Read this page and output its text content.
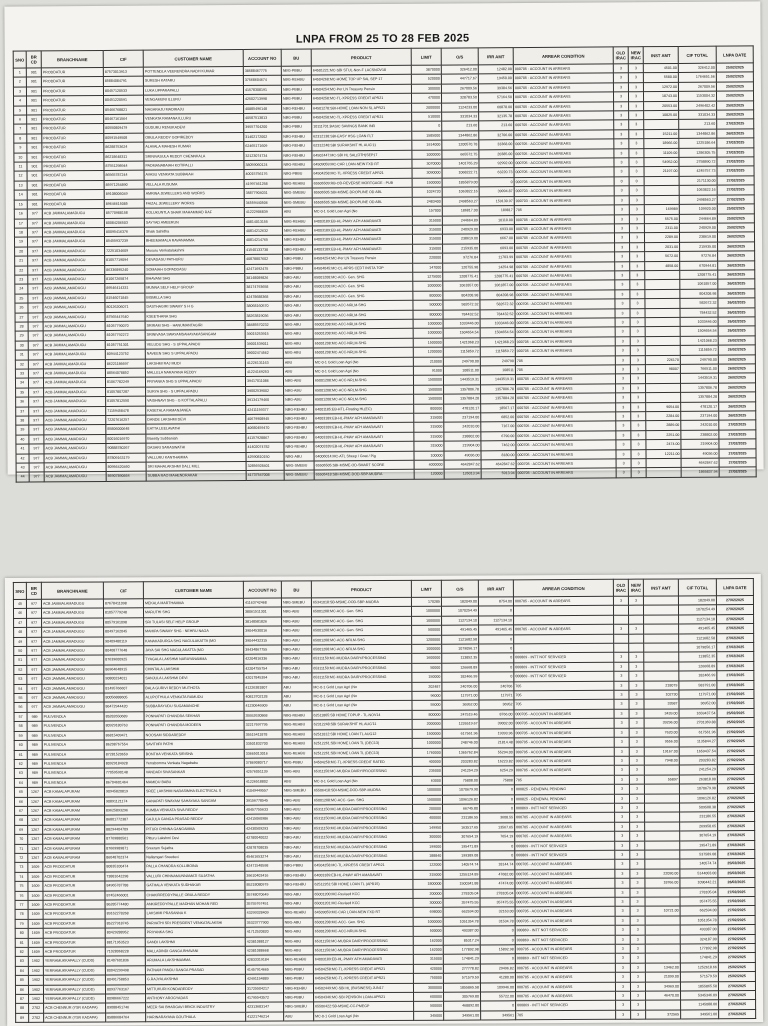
LNPA FROM 25 TO 28 FEB 2025
SNO	BR CD	BRANCHNAME	CIF	CUSTOMER NAME	ACCOUNT NO	BU	PRODUCT	LIMIT	O/S	IRR AMT	ARREAR CONDITION	OLD IRAC	NEW IRAC	INST AMT	CIF TOTAL	LNPA DATE
1	901	PRODDATUR	87573013913	POTTENDLA VEERENDRA NADH KUMAR	38588467775	NBG-PBBU	64501221:MC-SBI STUL-Non-F LACSNOV18	3870000	326412.00	12482.00	000705 - ACCOUNT IN ARREARS	3	3	4501.00	326412.00	25/02/2025
2	901	PRODDATUR	85884084791	SURESH KATARU	37568604674	NBG-REHBU	64504268:MC-HOME TOP UP SAL SEP 17	520000	447717.67	19450.00	000705 - ACCOUNT IN ARREARS	3	3	5580.00	1764651.56	25/02/2025
3	901	PRODDATUR	80457120533	LUKA UPPARAPALLI	41578308191	NBG-PBBU	64504254:MC-Per LN Treasury Pensio	300000	267009.56	39384.56	000705 - ACCOUNT IN ARREARS	3	3	12972.00	267009.56	25/02/2025
4	901	PRODDATUR	80451220591	VENGAMUNI ILLURU	42502713998	NBG-PBBU	64504258:MC-TL-XPRESS CREDIT APR21	470000	328783.50	57164.50	000705 - ACCOUNT IN ARREARS	3	3	18743.00	1153004.32	25/02/2025
5	901	PRODDATUR	85466768821	NAGARAJU MADIRAJU	40885496148	NBG-REHBU	64501278:SBI-HOME LOAN NON SL APR21	2000000	1124233.00	60878.00	000705 - ACCOUNT IN ARREARS	3	3	20553.00	2496402.42	25/02/2025
6	901	PRODDATUR	80467161564	VENKATA RAMANA ILLURU	40587513813	NBG-PBBU	64504258:MC-TL-XPRESS CREDIT APR21	510000	331034.33	32135.78	000705 - ACCOUNT IN ARREARS	3	3	10825.00	331034.33	25/02/2025
7	901	PRODDATUR	80550809479	GUDURU RENUKADEVI	39557704200	NBG-PBBU	10111701:BASIC SAVINGS BANK INR	0	213.60	213.60	000705 - ACCOUNT IN ARREARS	3	3		213.60	27/02/2025
8	901	PRODDATUR	80591549508	OBULA REDDY GOPIREDDY	31402172002	NBG-REHBU	62312138:SBI-EASY HSG LOAN FLT	1585000	1344862.86	32706.00	000705 - ACCOUNT IN ARREARS	3	3	15211.00	1344862.86	26/02/2025
9	901	PRODDATUR	86288753624	ALAVALA MAHESH KUMAR	62465171609	NBG-REHBU	62312248:SBI SURAKSHIT HL AUG'11	1914000	1200570.78	33368.00	000705 - ACCOUNT IN ARREARS	3	3	18966.00	1225186.64	27/02/2025
10	901	PRODDATUR	86218648311	SRINIVASULA REDDY CHENNKALA	32123074734	NBG-REHBU	64502447:MC-SBI HL SAL(OTH)SEP17	1000000	665572.75	20385.00	000705 - ACCOUNT IN ARREARS	3	3	11109.00	1286305.75	27/02/2025
11	901	PRODDATUR	87551298944	PADMANABAIAH KOTIPALLI	38059060124	NBG-REHBU	64509059:MC-CAR LOAN-NEW FXD RT	3070000	1401765.29	92992.00	000705 - ACCOUNT IN ARREARS	3	3	54952.00	2758890.72	27/02/2025
12	901	PRODDATUR	86565787244	AVASU VENKATA SUBBAIAH	40015756176	NBG-PBBU	64504258:MC-TL-XPRESS CREDIT APR21	3090000	1068222.71	63220.73	000705 - ACCOUNT IN ARREARS	3	3	21197.00	4245757.73	27/02/2025
13	901	PRODDATUR	85971254890	VELLALA KUSUMA	41997461258	NBG-REHBU	65506509:RB-OD-REVERSE MORTGAGE - PUB	1500000	1855879.00	0	000705 - ACCOUNT IN ARREARS	0	0		2171130.00	27/02/2025
14	901	PRODDATUR	89108006049	AMRINA JEWELLERS AND WORKS	35877904031	NBG-SMEBU	65506505:SBI-MSME-DROPLINE OD ABL	1024720	1063822.16	39094.87	000703 - ACCOUNT IN ARREARS	3	3		1063822.16	27/02/2025
15	901	PRODDATUR	89646615085	FAIZAL JEWELLERY WORKS	36559440506	NBG-SMEBU	65506505:SBI-MSME-DROPLINE OD ABL	2483400	2498563.27	159130.97	000703 - ACCOUNT IN ARREARS	3	3		2498563.27	27/02/2025
16	977	ACB JAMMALAMADUGU	85770988158	KOLUKUNTLA SHAIK MAHAMMAD RAF	41222906839	ABU	MC-0-1 Gold Loan Agri (No	157000	186817.00	189817	705	3	3	169989	109920.00	25/02/2025
17	977	ACB JAMMALAMADUGU	80084206503	SAYYAD AMEERUN	40814013155	NBG-REHBU	64003189:EB-HL-PMAY AFH AMARAVATI	315000	244664.89	10110.00	000705 - ACCOUNT IN ARREARS	3	3	5575.00	244664.89	25/02/2025
18	977	ACB JAMMALAMADUGU	80095416376	Shaik Sahidha	40814212632	NBG-REHBU	64003189:EB-HL-PMAY AFH AMARAVATI	315000	240929.00	6933.00	000705 - ACCOUNT IN ARREARS	3	3	2311.00	240929.00	25/02/2025
19	977	ACB JAMMALAMADUGU	85455937239	BHEEMAMALA RAVANAMMA	40814214765	NBG-REHBU	64003189:EB-HL-PMAY AFH AMARAVATI	315000	238619.00	6667.00	000705 - ACCOUNT IN ARREARS	3	3	2289.00	238619.00	26/02/2025
20	977	ACB JAMMALAMADUGU	72251034609	Musuru Venkatalakshmi	41540133738	NBG-REHBU	64003189:EB-HL-PMAY AFH AMARAVATI	315000	215935.00	6093.00	000705 - ACCOUNT IN ARREARS	3	3	2031.00	215935.00	26/02/2025
21	977	ACB JAMMALAMADUGU	81057719094	DEVADASU PATHURU	40878807602	NBG-PBBU	64504254:MC-Per LN Treasury Pensio	220000	97276.84	11703.99	000705 - ACCOUNT IN ARREARS	3	3	5672.00	97276.84	26/02/2025
22	977	ACB JAMMALAMADUGU	86336895240	SOMAIAH GOPADDASU	42471692475	NBG-PBBU	64504045:MC-CL-APRS CEDT INSTA TOP	147000	120755.98	14254.98	000705 - ACCOUNT IN ARREARS	3	3	4858.00	670944.81	26/02/2025
23	977	ACB JAMMALAMADUGU	81067265874	BHAVANI SHG	38148089826	NBG-ABU	65001208:MC-ACC- Gen. SHG	1275000	1208775.41	1208775.41	000705 - ACCOUNT IN ARREARS	3	3		1208775.41	26/02/2025
24	977	ACB JAMMALAMADUGU	89546414331	MUNNA SELF HELP GROUP	38174793658	NBG-ABU	65001208:MC-ACC- Gen. SHG	1000000	1061857.00	1061857.00	000705 - ACCOUNT IN ARREARS	3	3		1061857.00	26/02/2025
25	977	ACB JAMMALAMADUGU	81546071845	BISMILLA SHG	42478688368	NBG-ABU	65001208:MC-ACC- Gen. SHG	800000	804208.98	804208.98	000705 - ACCOUNT IN ARREARS	3	3		804208.98	26/02/2025
26	977	ACB JAMMALAMADUGU	80126206071	DASTHAGIRI SWAMY S H G	38068160570	NBG-ABU	65001208:MC-ACC-NRLM-SHG	500000	582672.32	582672.32	000705 - ACCOUNT IN ARREARS	3	3		582672.32	26/02/2025
27	977	ACB JAMMALAMADUGU	87565447640	KSEETHANA SHG	38263819036	NBG-ABU	65001208:MC-ACC-NRLM-SHG	800000	784432.52	784432.52	000705 - ACCOUNT IN ARREARS	3	3		784432.52	26/02/2025
28	977	ACB JAMMALAMADUGU	81057790070	SRIRAM SHG - HANUMANTAGIRI	38485570232	NBG-ABU	65001208:MC-ACC-NRLM-SHG	1000000	1033446.00	1033446.00	000705 - ACCOUNT IN ARREARS	3	3		1033446.00	26/02/2025
29	977	ACB JAMMALAMADUGU	81057792272	SRINIVASA SWAYAMSAHAYAKASANGAM	39015253915	NBG-ABU	65001208:MC-ACC-NRLM-SHG	1000000	1504654.54	1504654.54	000705 - ACCOUNT IN ARREARS	3	3		1504654.54	26/02/2025
30	977	ACB JAMMALAMADUGU	81057751301	VELUDU SHG - S UPPALAPADU	39001539011	NBG-ABU	65001208:MC-ACC-NRLM-SHG	1500000	1421068.23	1421068.23	000705 - ACCOUNT IN ARREARS	3	3		1421068.23	26/02/2025
31	977	ACB JAMMALAMADUGU	80944123752	NAVEEN SHG S UPPALAPADU	39002474562	NBG-ABU	65001208:MC-ACC-NRLM-SHG	1200000	1115859.72	1115859.72	000705 - ACCOUNT IN ARREARS	3	3		1115859.72	26/02/2025
32	977	ACB JAMMALAMADUGU	86221186697	LAKSHMI RAJ MUDI	41226131163	ABU	MC-0-1 Gold Loan Agri (No	210000	249790.00	249790	705	3	3	226170	249790.00	26/02/2025
33	977	ACB JAMMALAMADUGU	88564078852	MALLELA NARAYANA REDDY	41224169253	ABU	MC-0-1 Gold Loan Agri (No	91000	108511.00	108511	705	3	3	98007	766511.00	26/02/2025
34	977	ACB JAMMALAMADUGU	81067782249	PRIYANKA SHG S UPPALAPADU	39417011086	NBG-ABU	65001208:MC-ACC-NRLM-SHG	1500000	1443519.31	1443519.31	000705 - ACCOUNT IN ARREARS	3	3		1443519.31	26/02/2025
35	977	ACB JAMMALAMADUGU	81057807287	SURYA SHG - S UPPALAPADU	39002539002	NBG-ABU	65001208:MC-ACC-NRLM-SHG	1500000	1357806.78	1357806.78	000705 - ACCOUNT IN ARREARS	3	3		1357806.78	26/02/2025
36	977	ACB JAMMALAMADUGU	81057812550	VAISHNAVI SHG - G KOTTALAPALLI	39134179460	NBG-ABU	65001208:MC-ACC-NRLM-SHG	1500000	1357884.28	1357884.28	000705 - ACCOUNT IN ARREARS	3	3		1357884.28	26/02/2025
37	977	ACB JAMMALAMADUGU	71159458478	KASETALA RAMANJANEA	42411159377	NBG-REHBU	64001185:EB-HTL-Floating HL(EC)	800000	478120.17	18567.17	000705 - ACCOUNT IN ARREARS	3	3	9054.00	478120.17	26/02/2025
38	977	ACB JAMMALAMADUGU	72207616257	DANDE LAKSHMI DEVI	40679908945	NBG-REHBU	64003189:EB-HL-PMAY AFH AMARAVATI	315000	237194.00	6852.00	000705 - ACCOUNT IN ARREARS	3	3	2284.00	237194.00	26/02/2025
39	977	ACB JAMMALAMADUGU	85806000648	EATTA LEELAVATHI	40680459470	NBG-REHBU	64003189:EB-HL-PMAY AFH AMARAVATI	315000	242010.00	7167.00	000705 - ACCOUNT IN ARREARS	3	3	2889.00	242010.00	27/02/2025
40	977	ACB JAMMALAMADUGU	80016016970	Basetty Subbaniah	41157928867	NBG-REHBU	64003189:EB-HL-PMAY AFH AMARAVATI	315000	238802.00	6790.00	000705 - ACCOUNT IN ARREARS	3	3	2251.00	238802.00	27/02/2025
41	977	ACB JAMMALAMADUGU	90888780267	DASARI SARASWATHI	41402074782	NBG-REHBU	64003189:EB-HL-PMAY AFH AMARAVATI	315000	219904.00	7462.00	000705 - ACCOUNT IN ARREARS	3	3	2474.00	219904.00	27/02/2025
42	977	ACB JAMMALAMADUGU	87809163179	VALLURU KANTHAMMA	42590810150	NBG-ABU	64006014:MC-ATL Sheep / Goat / Pig	100000	49036.00	8180.00	000705 - ACCOUNT IN ARREARS	3	3	12211.00	49036.00	27/02/2025
43	977	ACB JAMMALAMADUGU	80956420460	SRI MAHALAKSHMI DALL MILL	32856928401	NBG-SMEBU	65506505:SBI-MSME-OD-SMART SCORE	4000000	4642847.62	4642847.62	000705 - ACCOUNT IN ARREARS	3	3		4642847.62	27/02/2025
44	977	ACB JAMMALAMADUGU	86907890664	SUBBA RAO MAHENDRAKAR	41737547008	NBG-SMEBU	65506418:SBI-MSME-DOD-SBP-MUDRA	120000	126013.94	5913.94	000705 - ACCOUNT IN ARREARS	3	3		1865837.94	27/02/2025
SNO	BR CD	BRANCHNAME	CIF	CUSTOMER NAME	ACCOUNT NO	BU	PRODUCT	LIMIT	O/S	IRR AMT	ARREAR CONDITION	OLD IRAC	NEW IRAC	INST AMT	CIF TOTAL	LNPA DATE
45	977	ACB JAMMALAMADUGU	87678411098	MEKALA MARTHAMMA	41163742468	NBG-SMEBU	65341018:SB-MSME-OOD-SBP-MUDRA	170285	182049.00	8754.00	000705 - ACCOUNT IN ARREARS	3	3		182049.00	27/02/2025
46	977	ACB JAMMALAMADUGU	81057779248	MARUTHI SHG	38061511301	NBG-ABU	65001208:MC-ACC- Gen. SHG	1000000	1070254.49	0					1070254.49	27/02/2025
47	977	ACB JAMMALAMADUGU	80579161098	SRI TULASI SELF HELP GROUP	38148581826	NBG-ABU	65001208:MC-ACC- Gen. SHG	1000000	1127134.10	1127134.10					1127134.10	27/02/2025
48	977	ACB JAMMALAMADUGU	80497162045	MAHIPA SWAMY SHG - NEHRU NAGA	39044530016	NBG-ABU	65001208:MC-ACC- Gen. SHG	500000	491465.45	491465.45	000705 - ACCOUNT IN ARREARS	3	3		491465.45	27/02/2025
49	977	ACB JAMMALAMADUGU	90409480119	KANAKADURGA SHG NAGULAKATTA (MO	39044432315	NBG-ABU	65001208:MC-ACC-NRLM-SHG	1200000	1121682.58	0					1121682.58	27/02/2025
50	977	ACB JAMMALAMADUGU	80408777648	JAYA SAI SHG NAGULAKATTA (MO	39434867755	NBG-ABU	65001208:MC-ACC-NRLM-SHG	1000000	1079056.17	0					1079056.17	27/02/2025
51	977	ACB JAMMALAMADUGU	87639600925	TYAGALA LAKSHMI NARAYANAMMA	42204816336	NBG-ABU	65311150:MC-MUDRA DAIRY/PROCESSING	1600000	113852.35	0	000869 - INTT NOT SERVICED	3	3		113852.35	27/02/2025
52	977	ACB JAMMALAMADUGU	86964648915	CHINTALA LAKSHMI	42204755754	NBG-ABU	65311150:MC-MUDRA DAIRY/PROCESSING	50000	126668.89	0	000869 - INTT NOT SERVICED	3	3		126668.89	27/02/2025
53	977	ACB JAMMALAMADUGU	90800234011	SANJULA LAKSHMI DEVI	42017845394	NBG-ABU	65311150:MC-MUDRA DAIRY/PROCESSING	150000	182466.99	0	000869 - INTT NOT SERVICED	3	3		182466.99	27/02/2025
54	977	ACB JAMMALAMADUGU	81495766607	BALA GURIVI REDDY MUTHOTA	41226381807	ABU	MC-0-1 Gold Loan Agri (No	202487	240706.00	240706	705	3	3	218079	583791.00	27/02/2025
55	977	ACB JAMMALAMADUGU	80056888605	ALUPOTHULA VENKATA RAMUDU	40813702128	ABU	MC-0-1 Gold Loan Agri (No	96000	117971.00	117971	705	3	3	102730	117971.00	27/02/2025
56	977	ACB JAMMALAMADUGU	86472944420	SUBBARAYUDU SUGAMANCHE	41230646909	ABU	MC-0-1 Gold Loan Agri (No	55000	36952.00	36952	705	3	3	33587	36952.00	27/02/2025
57	989	PULIVENDLA	85282650689	PONNAPATI CHANDRA SEKHAR	35552630868	NBG-REHBU	62511805:SB HOME TOPUP - TL-NOV14	800000	247519.46	8766.00	000705 - ACCOUNT IN ARREARS	3	3	3439.00	1659437.54	25/02/2025
58	989	PULIVENDLA	80929180763	PONNAPATI CHANDRA MODEEN	32217697795	NBG-REHBU	62312248:SBI SURAKSHIT HL AUG'11	2000000	1226519.67	39002.00	000705 - ACCOUNT IN ARREARS	3	3	39296.00	2701369.88	25/02/2025
59	989	PULIVENDLA	86815409471	NOOSAM SIDDAREDDY	35515411878	NBG-REHBU	62511812:SBI HOME LOAN TL AUG12	1500000	617561.96	19393.96	000705 - ACCOUNT IN ARREARS	3	3	7620.00	617561.96	27/02/2025
60	989	PULIVENDLA	86208767554	SAVITHRI PATHI	33501832700	NBG-REHBU	62512261:SBI HOME LOAN TL (DEC13)	1000000	248746.00	21814.48	000705 - ACCOUNT IN ARREARS	3	3	9556.00	1135844.27	27/02/2025
61	989	PULIVENDLA	87281520659	BONTHA VENKATA SIRISHA	33665013016	NBG-REHBU	62512261:SBI HOME LOAN TL (DEC13)	1760000	1365762.84	55294.00	000705 - ACCOUNT IN ARREARS	3	3	19167.00	1659437.54	27/02/2025
62	989	PULIVENDLA	80929184928	Yerrabomma Venkata Nagababu	37869080717	NBG-PBBU	64504258:MC-TL-XPRESS CREDIT RATED	400000	203283.82	16223.82	000705 - ACCOUNT IN ARREARS	3	3	7948.00	203283.82	27/02/2025
63	989	PULIVENDLA	77059590148	VANDADI SIVASANKAR	42576051139	NBG-ABU	65311150:MC-MUDRA DAIRY/PROCESSING	235000	241254.29	6254.29	000705 - ACCOUNT IN ARREARS	3	3		241254.29	27/02/2025
64	989	PULIVENDLA	86704601464	MAMIDU BABU	41226518802	ABU	MC-0-1 Gold Loan Agri (No	63000	75808.00	75808	705	3	3	55897	263818.00	27/02/2025
65	1267	ACB KAMALAPURAM	90945820819	SREE LAKSHMI NARASIMHA ELECTRICAL S	41049449557	NBG-SMEBU	65506418:SBI-MSME-DOD-SBP-MUDRA	1000000	1070679.90	0	000825 - RENEWAL PENDING	3	3		1070679.90	27/02/2025
66	1267	ACB KAMALAPURAM	90891121174	GANAPATI SWAYAM SAHAYAKA SANGAM	39156778545	NBG-ABU	65001208:MC-ACC- Gen. SHG	1500000	1096126.82	0	000825 - RENEWAL PENDING	3	3		1096126.82	27/02/2025
67	1267	ACB KAMALAPURAM	89625893296	KUMBA VENKATA SIVA REDDY	40457755633	NBG-ABU	65311150:MC-MUDRA DAIRY/PROCESSING	200000	66745.80	0	000869 - INTT NOT SERVICED	3	3		509508.38	27/02/2025
68	1267	ACB KAMALAPURAM	86801772387	GAJULA GANGA PRASAD REDDY	42415060986	NBG-ABU	65311150:MC-MUDRA DAIRY/PROCESSING	400000	231186.55	3608.55	000705 - ACCOUNT IN ARREARS	3	3		231186.55	27/02/2025
69	1267	ACB KAMALAPURAM	88294404709	PITURI CHINNA GANGAMMA	42430509293	NBG-ABU	65311150:MC-MUDRA DAIRY/PROCESSING	149950	163517.65	13567.65	000705 - ACCOUNT IN ARREARS	3	3		269958.65	27/02/2025
70	1267	ACB KAMALAPURAM	87769880561	Pitturu Lakshmi Devi	42780040022	NBG-ABU	65311150:MC-MUDRA DAIRY/PROCESSING	300000	307654.19	7654.19	000705 - ACCOUNT IN ARREARS	3	3		307654.19	27/02/2025
71	1267	ACB KAMALAPURAM	87669989871	Sreeram Sujatha	42878708035	NBG-ABU	65311150:MC-MUDRA DAIRY/PROCESSING	199000	195471.89	0	000869 - INTT NOT SERVICED	3	3		195471.89	27/02/2025
72	1267	ACB KAMALAPURAM	86048702374	Nallamgari Sreedevi	45461653274	NBG-ABU	65311150:MC-MUDRA DAIRY/PROCESSING	188840	199389.08	0	000869 - INTT NOT SERVICED	3	3		537589.08	27/02/2025
73	1609	ACB PRODDATUR	80835100474	PALLA CHANDRA KOLLIBOINA	42471548598	NBG-PBBU	64504258:MC-TL-XPRESS CREDIT APR21	122000	140574.74	18144.74	000705 - ACCOUNT IN ARREARS	3	3		140574.74	25/02/2025
74	1609	ACB PRODDATUR	73881642298	VALLURI CHINNAMUNNAMATI SUJATHA	39610403416	NBG-REHBU	64003189:EB-HL-PMAY AFH AMARAVATI	315000	1255124.89	47682.00	000705 - ACCOUNT IN ARREARS	3	3	22090.00	5144003.00	25/02/2025
75	1609	ACB PRODDATUR	84965787788	GATHALA VENKATA SUDHAKAR	85218080979	NBG-REHBU	62512261:SBI HOME LOAN TL (APR15)	1800000	1500341.88	47474.00	000705 - ACCOUNT IN ARREARS	3	3	18766.00	1090442.21	26/02/2025
76	1609	ACB PRODDATUR	87452466001	CHAKIRREDDYPALLE OBULA REDDY	35748070649	NBG-ABU	65001200:MC-Revised KCC	200000	278105.04	278105.04	000705 - ACCOUNT IN ARREARS	3	3		278105.04	27/02/2025
77	1609	ACB PRODDATUR	86285774480	ANKIREDDYPALLE MADHAN MOHAN RED	35755767451	NBG-ABU	65001201:MC-Revised KCC	300000	357475.55	357475.55	000705 - ACCOUNT IN ARREARS	3	3		357475.55	27/02/2025
78	1609	ACB PRODDATUR	89162278268	LAKSHMI PRASANNA K	43299328409	NBG-REHBU	64509059:MC-CAR LOAN-NEW FXD RT	698000	662594.00	32163.00	000705 - ACCOUNT IN ARREARS	3	3	10721.00	662594.00	27/02/2025
79	1609	ACB PRODDATUR	85227918745	PARVATHI SRI PRESIDENT VENKATALAKSHI	35323777900	NBG-ABU	65001208:MC-ACC- Gen. SHG	1000000	1051354.78	31534.78	000705 - ACCOUNT IN ARREARS	3	3		1051354.78	27/02/2025
80	1609	ACB PRODDATUR	80429288952	PRIYANKA SHG	41712520820	NBG-ABU	65001208:MC-ACC-NRLM-SHG	500000	493387.00	0	000869 - INTT NOT SERVICED	3	3		493387.00	27/02/2025
81	1609	ACB PRODDATUR	88171953523	GANDI LAKSHMI	42381088127	NBG-ABU	65311150:MC-MUDRA DAIRY/PROCESSING	162000	85317.24	0	000869 - INTT NOT SERVICED	3	3		324187.00	27/02/2025
82	1609	ACB PRODDATUR	71028068228	MALLADINDI GANGA BHAVANI	42381088668	NBG-ABU	65311150:MC-MUDRA DAIRY/PROCESSING	162000	177892.98	15892.98	000705 - ACCOUNT IN ARREARS	3	3		177892.98	27/02/2025
83	1902	YERRAMUKKAPALLY (CUDD)	81407601836	ARUMALA LAKSHMAMMA	42833319184	NBG-REHBU	64003189:EB-HL-PMAY AFH AMARAVATI	315000	174841.29	0	000869 - INTT NOT SERVICED	3	3		174841.29	27/02/2025
84	1902	YERRAMUKKAPALLY (CUDD)	80042299498	PATNAM PANDU RANGA PRASAD	41457914665	NBG-PBBU	64504258:MC-TL-XPRESS CREDIT APR21	420000	277778.82	29496.82	000705 - ACCOUNT IN ARREARS	3	3	13462.00	1252618.66	25/02/2025
85	1902	YERRAMUKKAPALLY (CUDD)	80491758853	G.RAJYALAKSHMI	42491154889	NBG-PBBU	64504258:MC-TL-XPRESS CREDIT APR21	750000	571579.59	41280.00	000705 - ACCOUNT IN ARREARS	3	3	21099.00	571579.59	25/02/2025
86	1902	YERRAMUKKAPALLY (CUDD)	80937763167	MITTUKURI KONDAREDDY	31725504217	NBG-REHBU	64502449:MC-SBI HL (BUSINESS) JUN17	3000000	1855865.58	109946.00	000705 - ACCOUNT IN ARREARS	3	3	34969.00	1855865.58	27/02/2025
87	1902	YERRAMUKKAPALLY (CUDD)	80986667222	ANTHONY AROGYADAS	41795543572	NBG-PBBU	64504346:MC-SBI PENSION LOAN-APR21	600000	305769.80	55722.00	000705 - ACCOUNT IN ARREARS	3	3	46470.00	5345346.09	27/02/2025
88	2702	ACB CHENNUR (YSR KADAPA)	89088451746	MEER SAI BHARGAVI BRICK INDUSTRY	42313683147	NBG-SMEBU	65506422:SB-MSME-CC-PMEGP	500000	468892.80	0	000869 - INTT NOT SERVICED	3	3		1145088.00	27/02/2025
89	2702	ACB CHENNUR (YSR KADAPA)	85886684764	HARINARAYANA GOUTHALA	41221746214	ABU	MC-0-1 Gold Loan Agri (No	345000	349561.00	349561	705	3	3	372565	349561.00	27/02/2025
